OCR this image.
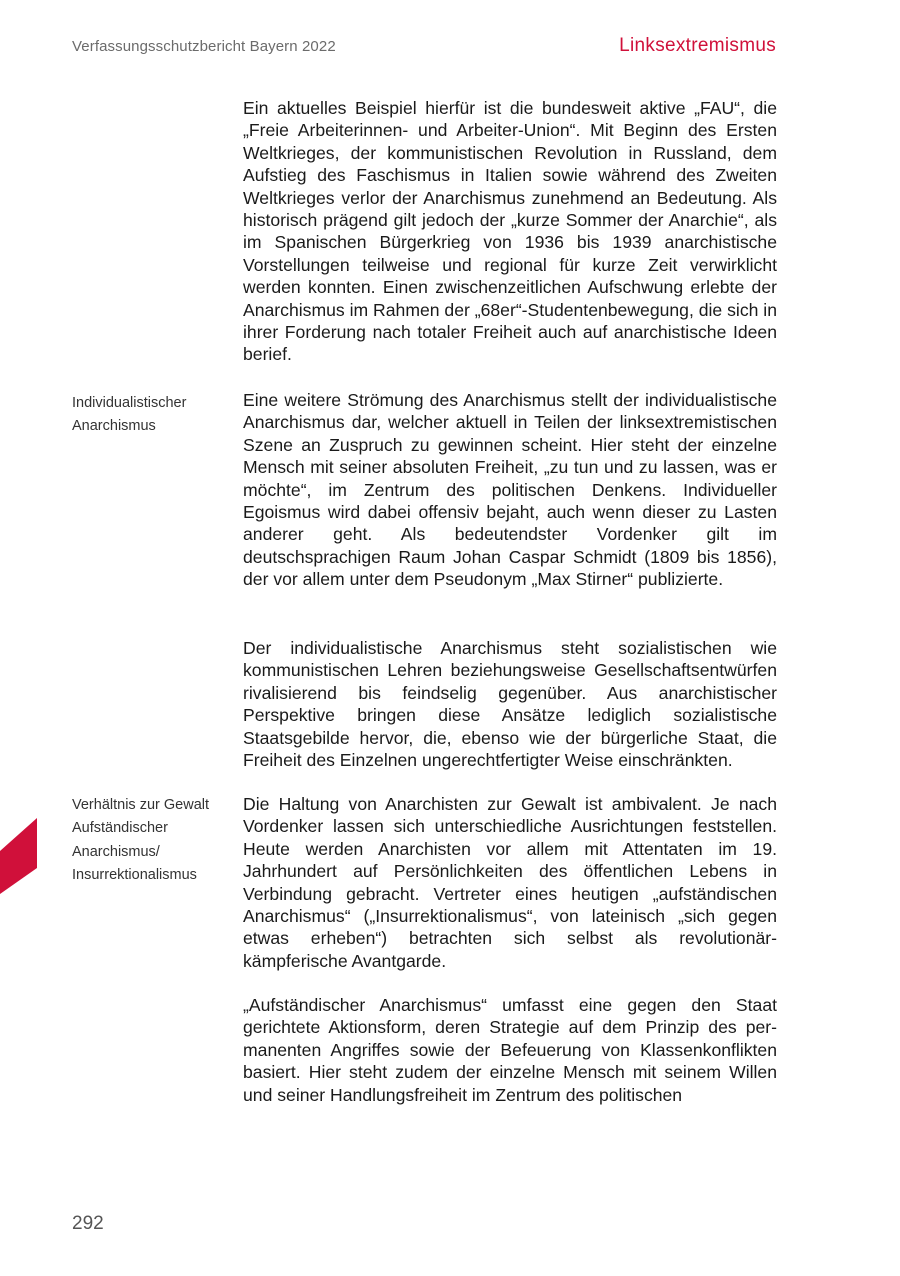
Verfassungsschutzbericht Bayern 2022	Linksextremismus

Ein aktuelles Beispiel hierfür ist die bundesweit aktive „FAU“, die „Freie Arbeiterinnen- und Arbeiter-Union“. Mit Beginn des Ersten Weltkrieges, der kommunistischen Revolution in Russland, dem Aufstieg des Faschismus in Italien sowie während des Zweiten Weltkrieges verlor der Anarchismus zunehmend an Bedeutung. Als historisch prägend gilt jedoch der „kurze Sommer der Anarchie“, als im Spanischen Bürgerkrieg von 1936 bis 1939 anarchistische Vorstellungen teilweise und regional für kurze Zeit verwirklicht werden konnten. Einen zwischenzeitlichen Aufschwung erlebte der Anarchismus im Rahmen der „68er“-Studentenbewegung, die sich in ihrer Forderung nach totaler Freiheit auch auf anarchistische Ideen berief.

Individualistischer
Anarchismus

Eine weitere Strömung des Anarchismus stellt der individualistische Anarchismus dar, welcher aktuell in Teilen der linksextremistischen Szene an Zuspruch zu gewinnen scheint. Hier steht der einzelne Mensch mit seiner absoluten Freiheit, „zu tun und zu lassen, was er möchte“, im Zentrum des politischen Denkens. Individueller Egoismus wird dabei offensiv bejaht, auch wenn dieser zu Lasten anderer geht. Als bedeutendster Vordenker gilt im deutschsprachigen Raum Johan Caspar Schmidt (1809 bis 1856), der vor allem unter dem Pseudonym „Max Stirner“ publizierte.

Der individualistische Anarchismus steht sozialistischen wie kommunistischen Lehren beziehungsweise Gesellschaftsentwürfen rivalisierend bis feindselig gegenüber. Aus anarchistischer Perspektive bringen diese Ansätze lediglich sozialistische Staatsgebilde hervor, die, ebenso wie der bürgerliche Staat, die Freiheit des Einzelnen ungerechtfertigter Weise einschränkten.

Verhältnis zur Gewalt
Aufständischer
Anarchismus/
Insurrektionalismus

Die Haltung von Anarchisten zur Gewalt ist ambivalent. Je nach Vordenker lassen sich unterschiedliche Ausrichtungen feststellen. Heute werden Anarchisten vor allem mit Attentaten im 19. Jahrhundert auf Persönlichkeiten des öffentlichen Lebens in Verbindung gebracht. Vertreter eines heutigen „aufständischen Anarchismus“ („Insurrektionalismus“, von lateinisch „sich gegen etwas erheben“) betrachten sich selbst als revolutionär-kämpferische Avantgarde.

„Aufständischer Anarchismus“ umfasst eine gegen den Staat gerichtete Aktionsform, deren Strategie auf dem Prinzip des permanenten Angriffes sowie der Befeuerung von Klassenkonflikten basiert. Hier steht zudem der einzelne Mensch mit seinem Willen und seiner Handlungsfreiheit im Zentrum des politischen

292
